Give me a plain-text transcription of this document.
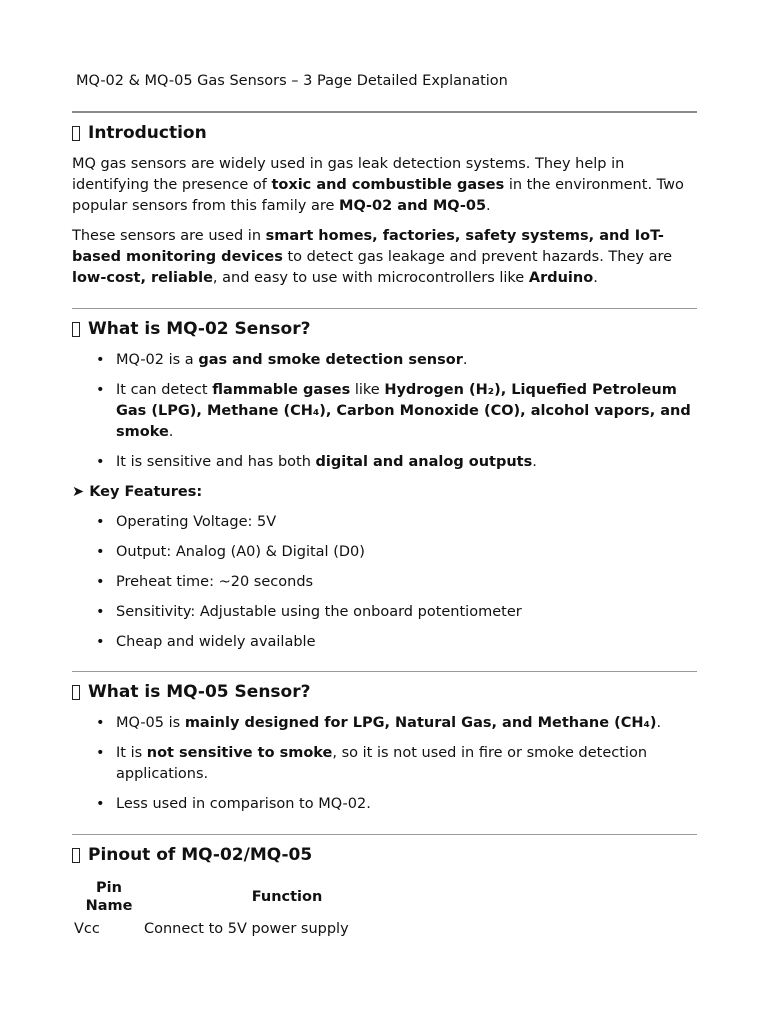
MQ-02 & MQ-05 Gas Sensors – 3 Page Detailed Explanation
Introduction

MQ gas sensors are widely used in gas leak detection systems. They help in identifying the presence of toxic and combustible gases in the environment. Two popular sensors from this family are MQ-02 and MQ-05.

These sensors are used in smart homes, factories, safety systems, and IoT-based monitoring devices to detect gas leakage and prevent hazards. They are low-cost, reliable, and easy to use with microcontrollers like Arduino.

What is MQ-02 Sensor?
• MQ-02 is a gas and smoke detection sensor.
• It can detect flammable gases like Hydrogen (H₂), Liquefied Petroleum Gas (LPG), Methane (CH₄), Carbon Monoxide (CO), alcohol vapors, and smoke.
• It is sensitive and has both digital and analog outputs.
➤ Key Features:
• Operating Voltage: 5V
• Output: Analog (A0) & Digital (D0)
• Preheat time: ~20 seconds
• Sensitivity: Adjustable using the onboard potentiometer
• Cheap and widely available
What is MQ-05 Sensor?
• MQ-05 is mainly designed for LPG, Natural Gas, and Methane (CH₄).
• It is not sensitive to smoke, so it is not used in fire or smoke detection applications.
• Less used in comparison to MQ-02.
Pinout of MQ-02/MQ-05
Pin Name	Function
Vcc	Connect to 5V power supply
